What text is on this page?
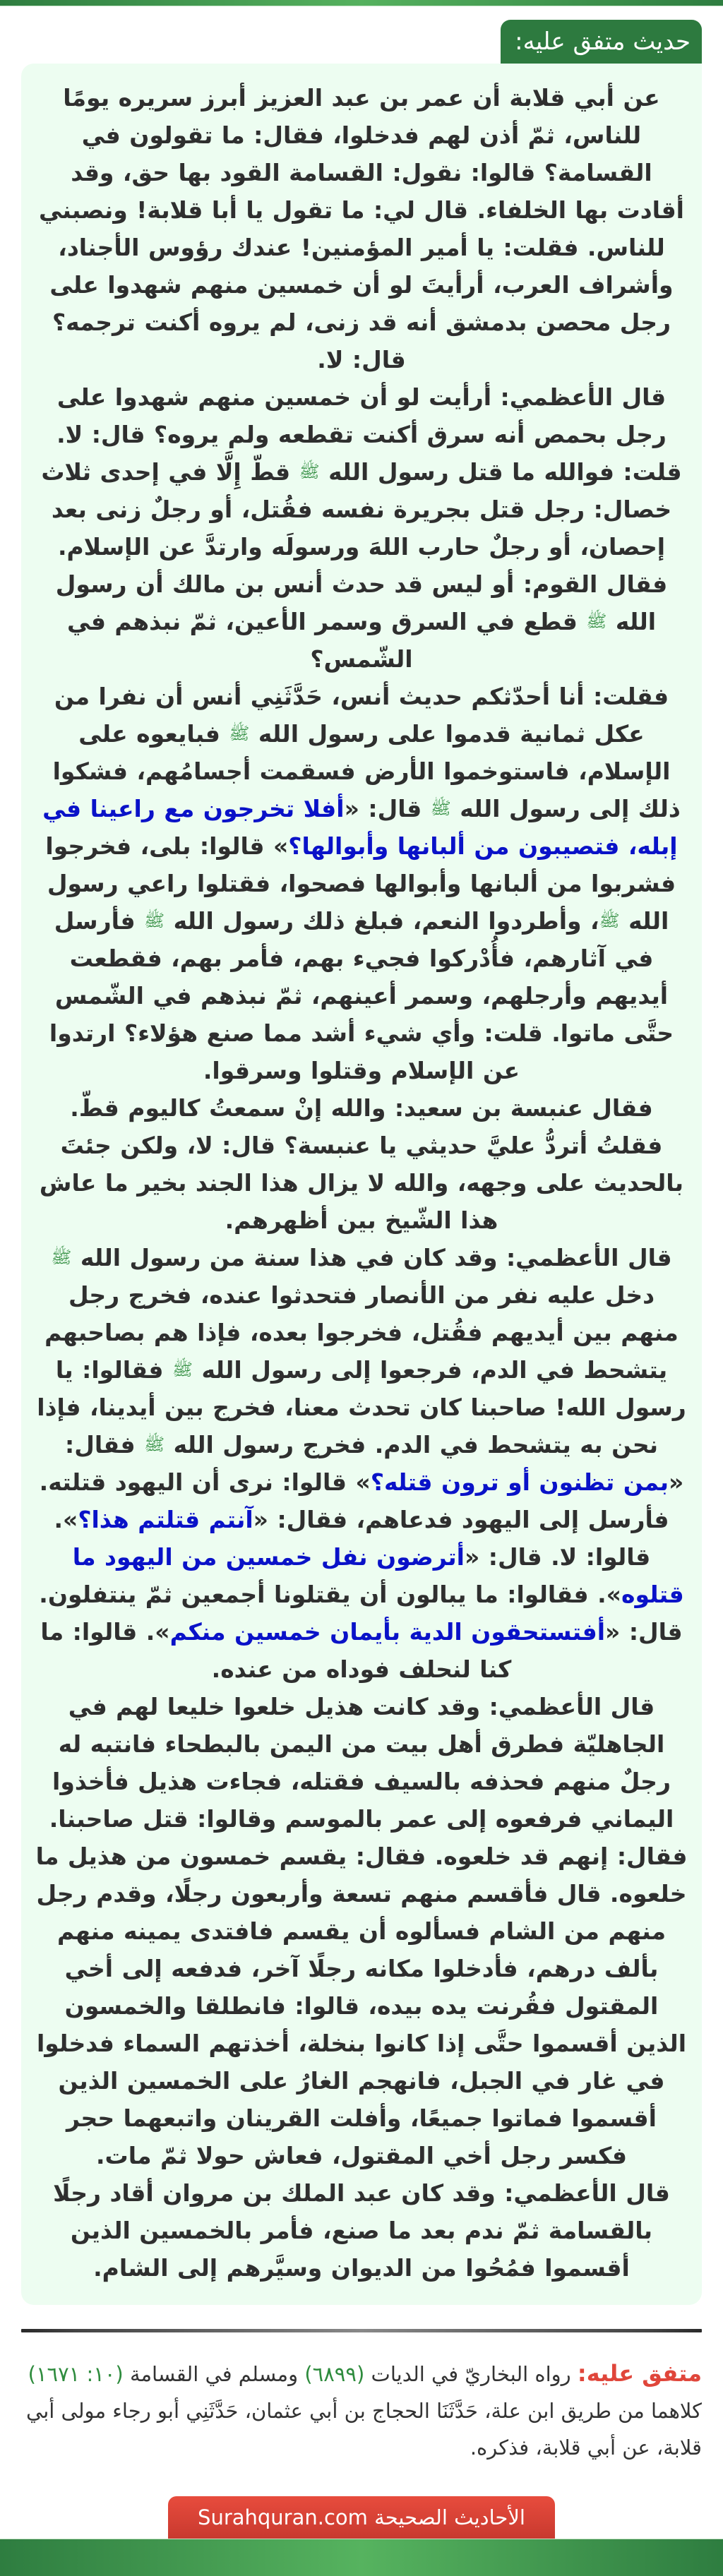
حديث متفق عليه:
عن أبي قلابة أن عمر بن عبد العزيز أبرز سريره يومًا للناس، ثمّ أذن لهم فدخلوا، فقال: ما تقولون في القسامة؟ قالوا: نقول: القسامة القود بها حق، وقد أقادت بها الخلفاء. قال لي: ما تقول يا أبا قلابة! ونصبني للناس. فقلت: يا أمير المؤمنين! عندك رؤوس الأجناد، وأشراف العرب، أرأيتَ لو أن خمسين منهم شهدوا على رجل محصن بدمشق أنه قد زنى، لم يروه أكنت ترجمه؟ قال: لا.
قال الأعظمي: أرأيت لو أن خمسين منهم شهدوا على رجل بحمص أنه سرق أكنت تقطعه ولم يروه؟ قال: لا. قلت: فوالله ما قتل رسول الله ﷺ قطّ إِلَّا في إحدى ثلاث خصال: رجل قتل بجريرة نفسه فقُتل، أو رجلٌ زنى بعد إحصان، أو رجلٌ حارب اللهَ ورسولَه وارتدَّ عن الإسلام. فقال القوم: أو ليس قد حدث أنس بن مالك أن رسول الله ﷺ قطع في السرق وسمر الأعين، ثمّ نبذهم في الشّمس؟
فقلت: أنا أحدّثكم حديث أنس، حَدَّثَنِي أنس أن نفرا من عكل ثمانية قدموا على رسول الله ﷺ فبايعوه على الإسلام، فاستوخموا الأرض فسقمت أجسامُهم، فشكوا ذلك إلى رسول الله ﷺ قال: «أفلا تخرجون مع راعينا في إبله، فتصيبون من ألبانها وأبوالها؟» قالوا: بلى، فخرجوا فشربوا من ألبانها وأبوالها فصحوا، فقتلوا راعي رسول الله ﷺ، وأطردوا النعم، فبلغ ذلك رسول الله ﷺ فأرسل في آثارهم، فأُدْركوا فجيء بهم، فأمر بهم، فقطعت أيديهم وأرجلهم، وسمر أعينهم، ثمّ نبذهم في الشّمس حتَّى ماتوا. قلت: وأي شيء أشد مما صنع هؤلاء؟ ارتدوا عن الإسلام وقتلوا وسرقوا.
فقال عنبسة بن سعيد: والله إنْ سمعتُ كاليوم قطّ. فقلتُ أتردُّ عليَّ حديثي يا عنبسة؟ قال: لا، ولكن جئتَ بالحديث على وجهه، والله لا يزال هذا الجند بخير ما عاش هذا الشّيخ بين أظهرهم.
قال الأعظمي: وقد كان في هذا سنة من رسول الله ﷺ دخل عليه نفر من الأنصار فتحدثوا عنده، فخرج رجل منهم بين أيديهم فقُتل، فخرجوا بعده، فإذا هم بصاحبهم يتشحط في الدم، فرجعوا إلى رسول الله ﷺ فقالوا: يا رسول الله! صاحبنا كان تحدث معنا، فخرج بين أيدينا، فإذا نحن به يتشحط في الدم. فخرج رسول الله ﷺ فقال: «بمن تظنون أو ترون قتله؟» قالوا: نرى أن اليهود قتلته. فأرسل إلى اليهود فدعاهم، فقال: «آنتم قتلتم هذا؟». قالوا: لا. قال: «أترضون نفل خمسين من اليهود ما قتلوه». فقالوا: ما يبالون أن يقتلونا أجمعين ثمّ ينتفلون. قال: «أفتستحقون الدية بأيمان خمسين منكم». قالوا: ما كنا لنحلف فوداه من عنده.
قال الأعظمي: وقد كانت هذيل خلعوا خليعا لهم في الجاهليّة فطرق أهل بيت من اليمن بالبطحاء فانتبه له رجلٌ منهم فحذفه بالسيف فقتله، فجاءت هذيل فأخذوا اليماني فرفعوه إلى عمر بالموسم وقالوا: قتل صاحبنا. فقال: إنهم قد خلعوه. فقال: يقسم خمسون من هذيل ما خلعوه. قال فأقسم منهم تسعة وأربعون رجلًا، وقدم رجل منهم من الشام فسألوه أن يقسم فافتدى يمينه منهم بألف درهم، فأدخلوا مكانه رجلًا آخر، فدفعه إلى أخي المقتول فقُرنت يده بيده، قالوا: فانطلقا والخمسون الذين أقسموا حتَّى إذا كانوا بنخلة، أخذتهم السماء فدخلوا في غار في الجبل، فانهجم الغارُ على الخمسين الذين أقسموا فماتوا جميعًا، وأفلت القرينان واتبعهما حجر فكسر رجل أخي المقتول، فعاش حولا ثمّ مات.
قال الأعظمي: وقد كان عبد الملك بن مروان أقاد رجلًا بالقسامة ثمّ ندم بعد ما صنع، فأمر بالخمسين الذين أقسموا فمُحُوا من الديوان وسيَّرهم إلى الشام.
متفق عليه: رواه البخاريّ في الديات (٦٨٩٩) ومسلم في القسامة (١٠: ١٦٧١) كلاهما من طريق ابن علة، حَدَّثَنَا الحجاج بن أبي عثمان، حَدَّثَنِي أبو رجاء مولى أبي قلابة، عن أبي قلابة، فذكره.
الأحاديث الصحيحة Surahquran.com
